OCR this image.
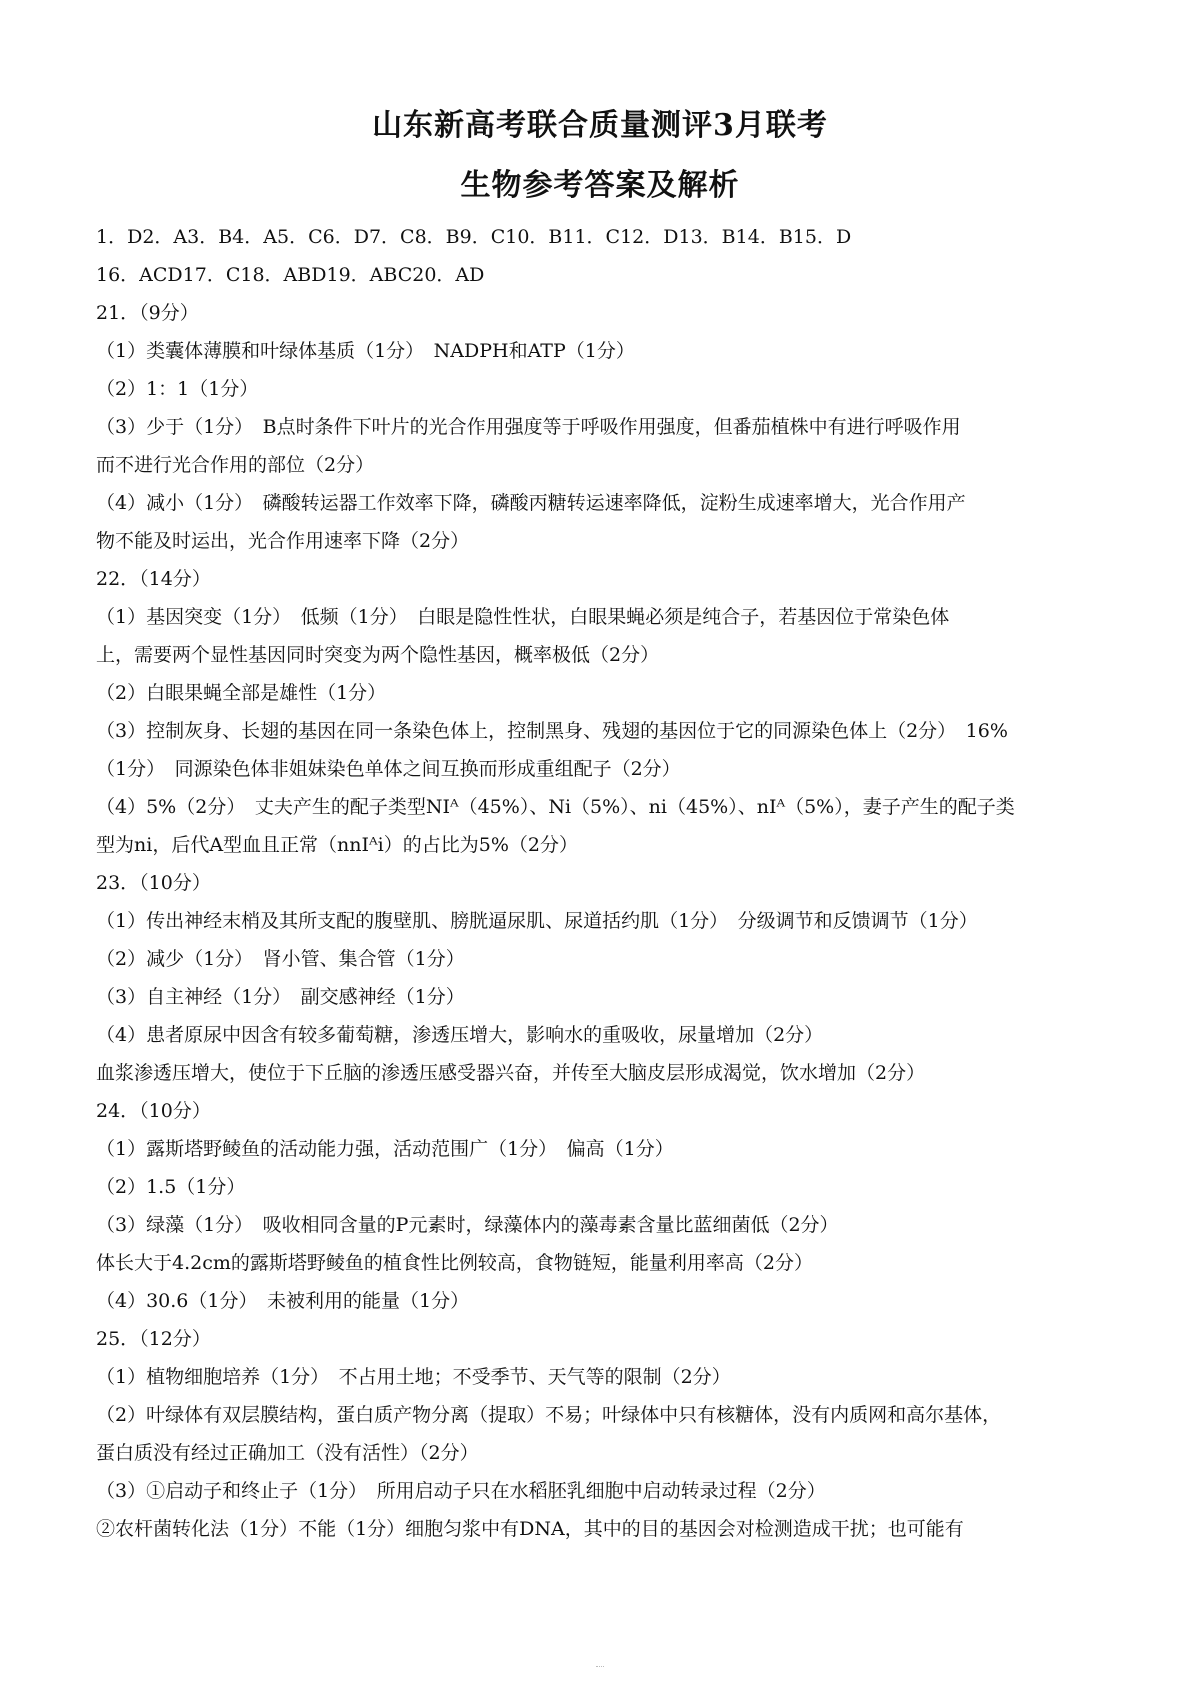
山东新高考联合质量测评3月联考
生物参考答案及解析
1．D2．A3．B4．A5．C6．D7．C8．B9．C10．B11．C12．D13．B14．B15．D
16．ACD17．C18．ABD19．ABC20．AD
21．（9分）
（1）类囊体薄膜和叶绿体基质（1分）　NADPH和ATP（1分）
（2）1：1（1分）
（3）少于（1分）　B点时条件下叶片的光合作用强度等于呼吸作用强度，但番茄植株中有进行呼吸作用
而不进行光合作用的部位（2分）
（4）减小（1分）　磷酸转运器工作效率下降，磷酸丙糖转运速率降低，淀粉生成速率增大，光合作用产
物不能及时运出，光合作用速率下降（2分）
22．（14分）
（1）基因突变（1分）　低频（1分）　白眼是隐性性状，白眼果蝇必须是纯合子，若基因位于常染色体
上，需要两个显性基因同时突变为两个隐性基因，概率极低（2分）
（2）白眼果蝇全部是雄性（1分）
（3）控制灰身、长翅的基因在同一条染色体上，控制黑身、残翅的基因位于它的同源染色体上（2分）　16%
（1分）　同源染色体非姐妹染色单体之间互换而形成重组配子（2分）
（4）5%（2分）　丈夫产生的配子类型NIᴬ（45%）、Ni（5%）、ni（45%）、nIᴬ（5%），妻子产生的配子类
型为ni，后代A型血且正常（nnIᴬi）的占比为5%（2分）
23．（10分）
（1）传出神经末梢及其所支配的腹壁肌、膀胱逼尿肌、尿道括约肌（1分）　分级调节和反馈调节（1分）
（2）减少（1分）　肾小管、集合管（1分）
（3）自主神经（1分）　副交感神经（1分）
（4）患者原尿中因含有较多葡萄糖，渗透压增大，影响水的重吸收，尿量增加（2分）
血浆渗透压增大，使位于下丘脑的渗透压感受器兴奋，并传至大脑皮层形成渴觉，饮水增加（2分）
24．（10分）
（1）露斯塔野鲮鱼的活动能力强，活动范围广（1分）　偏高（1分）
（2）1.5（1分）
（3）绿藻（1分）　吸收相同含量的P元素时，绿藻体内的藻毒素含量比蓝细菌低（2分）
体长大于4.2cm的露斯塔野鲮鱼的植食性比例较高，食物链短，能量利用率高（2分）
（4）30.6（1分）　未被利用的能量（1分）
25．（12分）
（1）植物细胞培养（1分）　不占用土地；不受季节、天气等的限制（2分）
（2）叶绿体有双层膜结构，蛋白质产物分离（提取）不易；叶绿体中只有核糖体，没有内质网和高尔基体，
蛋白质没有经过正确加工（没有活性）（2分）
（3）①启动子和终止子（1分）　所用启动子只在水稻胚乳细胞中启动转录过程（2分）
②农杆菌转化法（1分）不能（1分）细胞匀浆中有DNA，其中的目的基因会对检测造成干扰；也可能有
